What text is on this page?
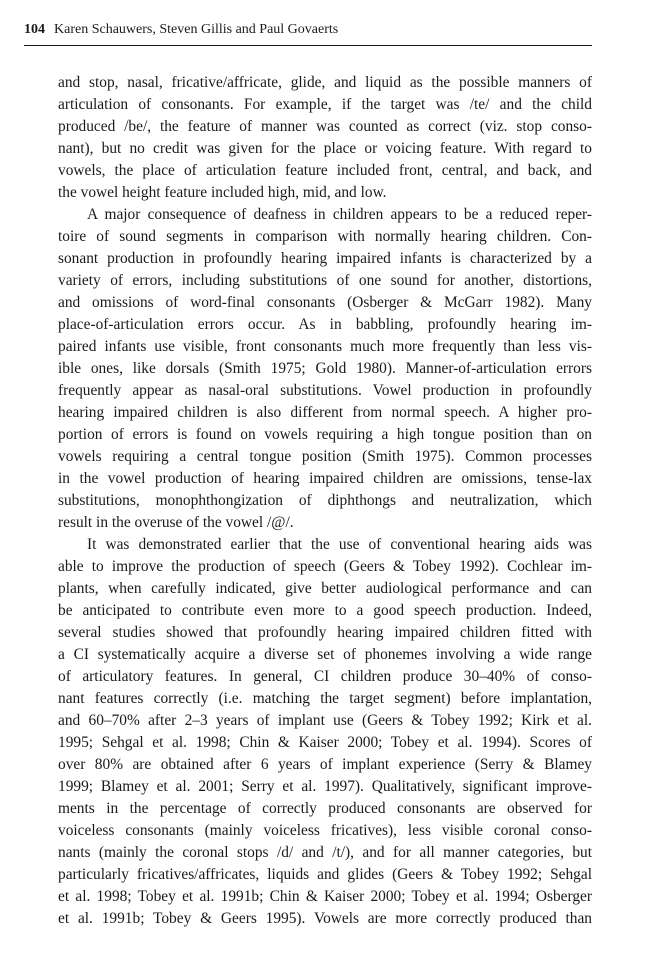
104 Karen Schauwers, Steven Gillis and Paul Govaerts
and stop, nasal, fricative/affricate, glide, and liquid as the possible manners of
articulation of consonants. For example, if the target was /te/ and the child
produced /be/, the feature of manner was counted as correct (viz. stop conso-
nant), but no credit was given for the place or voicing feature. With regard to
vowels, the place of articulation feature included front, central, and back, and
the vowel height feature included high, mid, and low.
A major consequence of deafness in children appears to be a reduced reper-
toire of sound segments in comparison with normally hearing children. Con-
sonant production in profoundly hearing impaired infants is characterized by a
variety of errors, including substitutions of one sound for another, distortions,
and omissions of word-final consonants (Osberger & McGarr 1982). Many
place-of-articulation errors occur. As in babbling, profoundly hearing im-
paired infants use visible, front consonants much more frequently than less vis-
ible ones, like dorsals (Smith 1975; Gold 1980). Manner-of-articulation errors
frequently appear as nasal-oral substitutions. Vowel production in profoundly
hearing impaired children is also different from normal speech. A higher pro-
portion of errors is found on vowels requiring a high tongue position than on
vowels requiring a central tongue position (Smith 1975). Common processes
in the vowel production of hearing impaired children are omissions, tense-lax
substitutions, monophthongization of diphthongs and neutralization, which
result in the overuse of the vowel /@/.
It was demonstrated earlier that the use of conventional hearing aids was
able to improve the production of speech (Geers & Tobey 1992). Cochlear im-
plants, when carefully indicated, give better audiological performance and can
be anticipated to contribute even more to a good speech production. Indeed,
several studies showed that profoundly hearing impaired children fitted with
a CI systematically acquire a diverse set of phonemes involving a wide range
of articulatory features. In general, CI children produce 30–40% of conso-
nant features correctly (i.e. matching the target segment) before implantation,
and 60–70% after 2–3 years of implant use (Geers & Tobey 1992; Kirk et al.
1995; Sehgal et al. 1998; Chin & Kaiser 2000; Tobey et al. 1994). Scores of
over 80% are obtained after 6 years of implant experience (Serry & Blamey
1999; Blamey et al. 2001; Serry et al. 1997). Qualitatively, significant improve-
ments in the percentage of correctly produced consonants are observed for
voiceless consonants (mainly voiceless fricatives), less visible coronal conso-
nants (mainly the coronal stops /d/ and /t/), and for all manner categories, but
particularly fricatives/affricates, liquids and glides (Geers & Tobey 1992; Sehgal
et al. 1998; Tobey et al. 1991b; Chin & Kaiser 2000; Tobey et al. 1994; Osberger
et al. 1991b; Tobey & Geers 1995). Vowels are more correctly produced than
